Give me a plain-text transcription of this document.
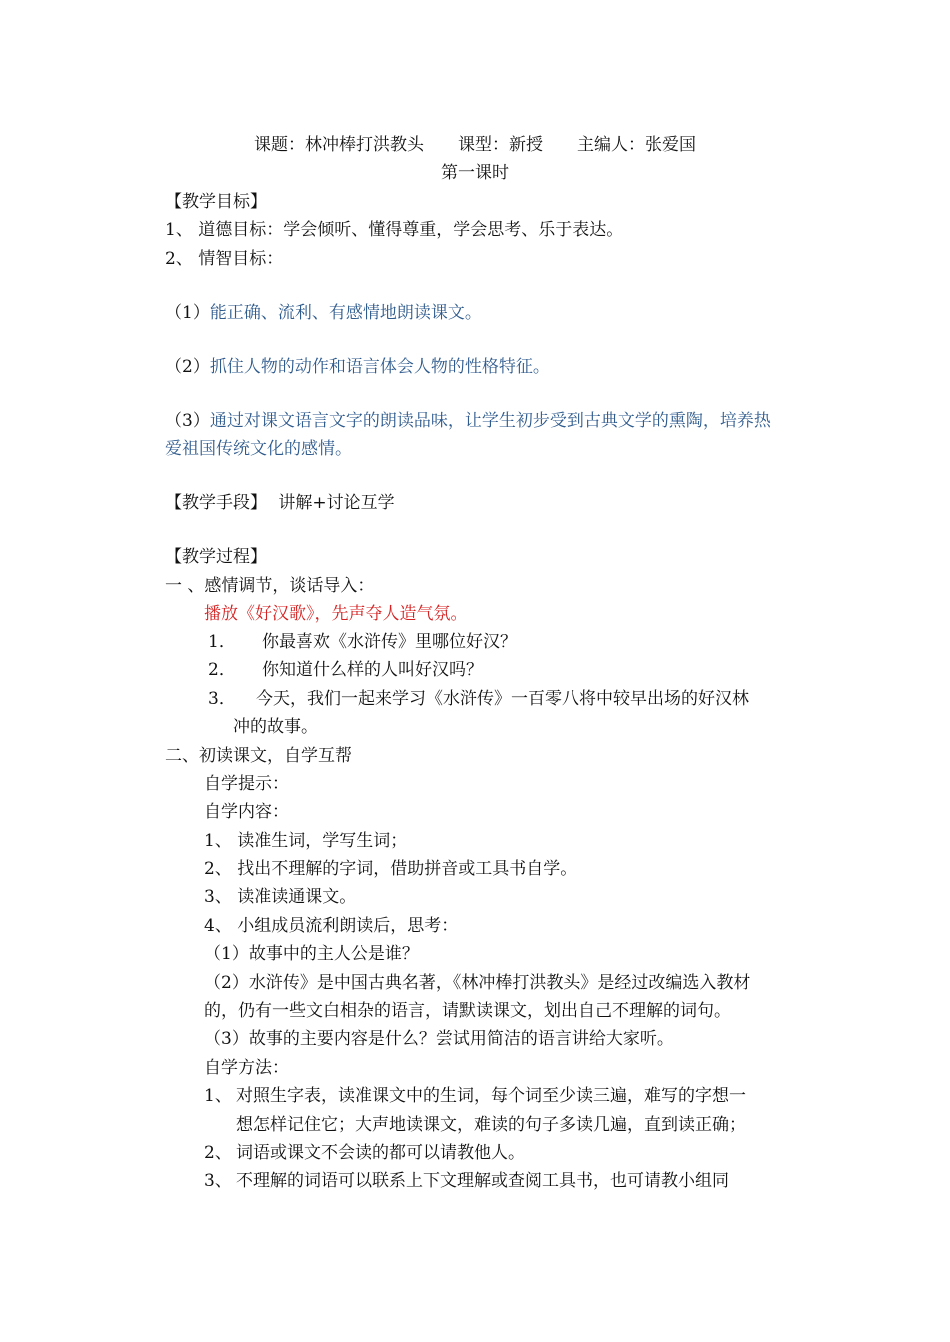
课题：林冲棒打洪教头　　课型：新授　　主编人：张爱国
第一课时
【教学目标】
1、 道德目标：学会倾听、懂得尊重，学会思考、乐于表达。
2、 情智目标：
（1）能正确、流利、有感情地朗读课文。
（2）抓住人物的动作和语言体会人物的性格特征。
（3）通过对课文语言文字的朗读品味，让学生初步受到古典文学的熏陶，培养热
爱祖国传统文化的感情。
【教学手段】 讲解+讨论互学
【教学过程】
一 、感情调节，谈话导入：
播放《好汉歌》，先声夺人造气氛。
1． 你最喜欢《水浒传》里哪位好汉？
2． 你知道什么样的人叫好汉吗？
3． 今天，我们一起来学习《水浒传》一百零八将中较早出场的好汉林
冲的故事。
二、初读课文，自学互帮
自学提示：
自学内容：
1、 读准生词，学写生词；
2、 找出不理解的字词，借助拼音或工具书自学。
3、 读准读通课文。
4、 小组成员流利朗读后，思考：
（1）故事中的主人公是谁？
（2）水浒传》是中国古典名著，《林冲棒打洪教头》是经过改编选入教材
的，仍有一些文白相杂的语言，请默读课文，划出自己不理解的词句。
（3）故事的主要内容是什么？尝试用简洁的语言讲给大家听。
自学方法：
1、 对照生字表，读准课文中的生词，每个词至少读三遍，难写的字想一
想怎样记住它；大声地读课文，难读的句子多读几遍，直到读正确；
2、 词语或课文不会读的都可以请教他人。
3、 不理解的词语可以联系上下文理解或查阅工具书，也可请教小组同
